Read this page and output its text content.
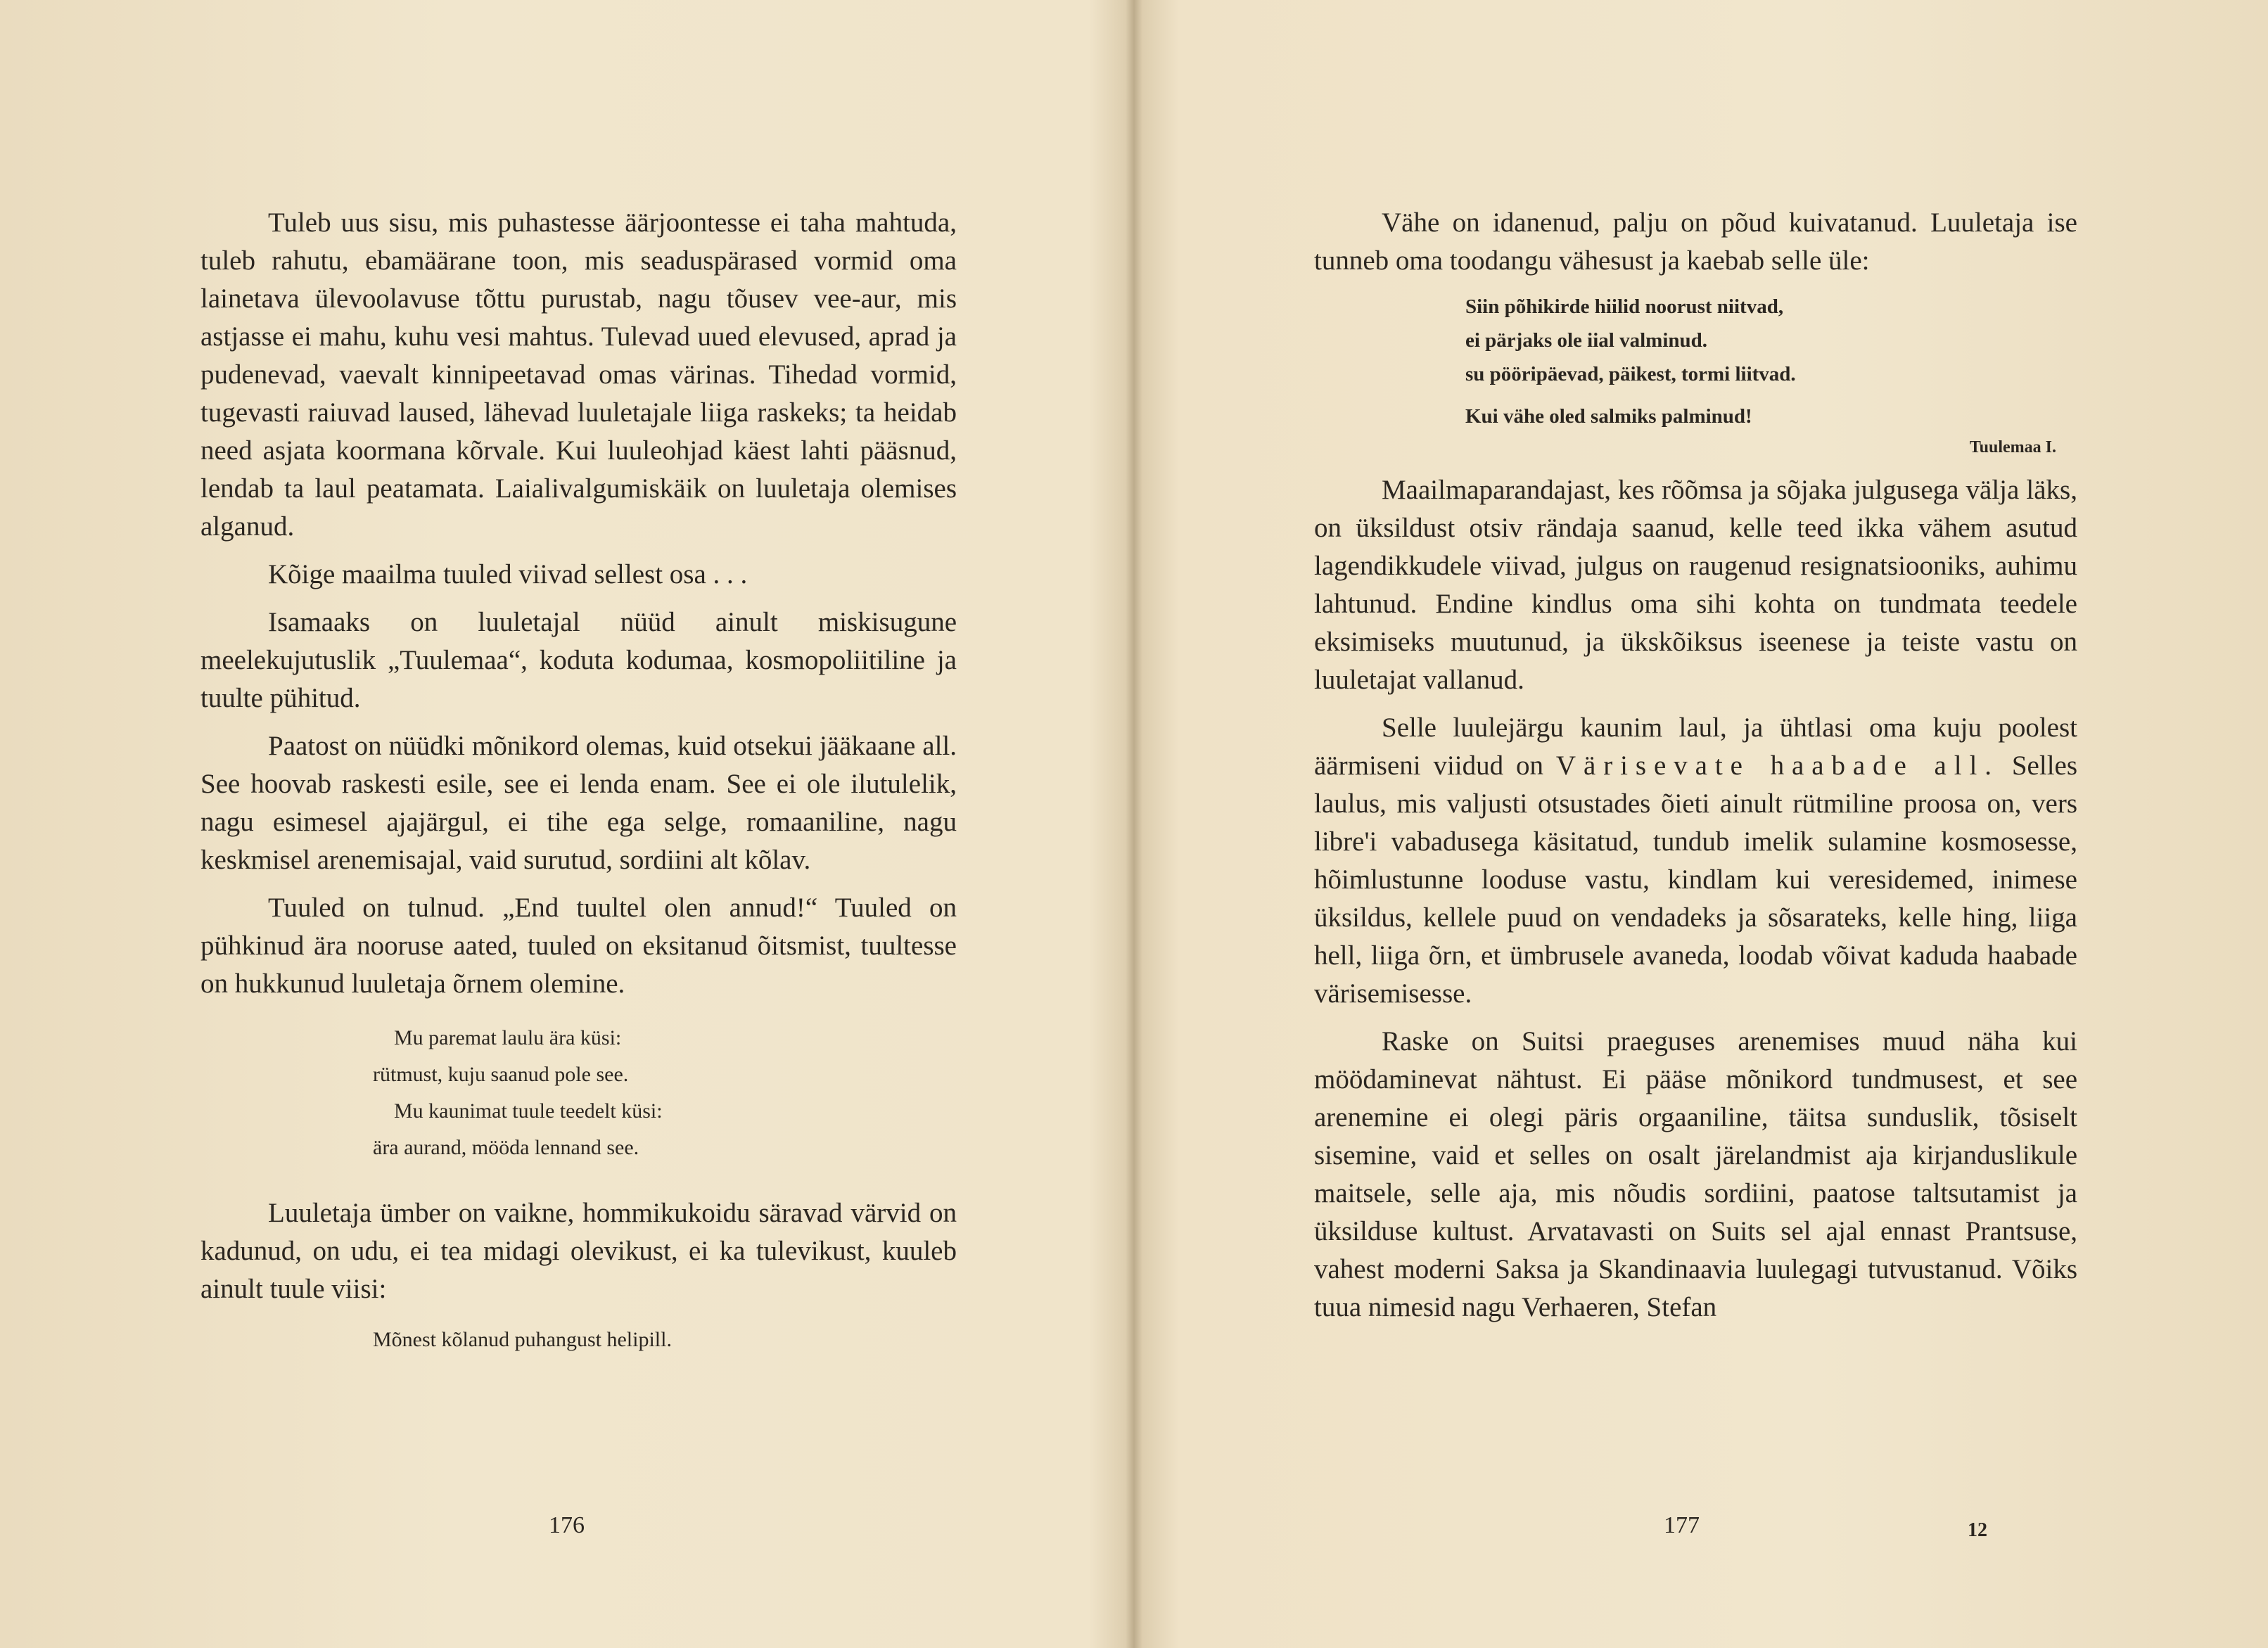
Tuleb uus sisu, mis puhastesse äärjoontesse ei taha mahtuda, tuleb rahutu, ebamäärane toon, mis seaduspärased vormid oma lainetava ülevoolavuse tõttu purustab, nagu tõusev vee-aur, mis astjasse ei mahu, kuhu vesi mahtus. Tulevad uued elevused, aprad ja pudenevad, vaevalt kinnipeetavad omas värinas. Tihedad vormid, tugevasti raiuvad laused, lähevad luuletajale liiga raskeks; ta heidab need asjata koormana kõrvale. Kui luuleohjad käest lahti pääsnud, lendab ta laul peatamata. Laialivalgumiskäik on luuletaja olemises alganud.

Kõige maailma tuuled viivad sellest osa . . .

Isamaaks on luuletajal nüüd ainult miskisugune meelekujutuslik „Tuulemaa“, koduta kodumaa, kosmopoliitiline ja tuulte pühitud.

Paatost on nüüdki mõnikord olemas, kuid otsekui jääkaane all. See hoovab raskesti esile, see ei lenda enam. See ei ole ilutulelik, nagu esimesel ajajärgul, ei tihe ega selge, romaaniline, nagu keskmisel arenemisajal, vaid surutud, sordiini alt kõlav.

Tuuled on tulnud. „End tuultel olen annud!“ Tuuled on pühkinud ära nooruse aated, tuuled on eksitanud õitsmist, tuultesse on hukkunud luuletaja õrnem olemine.

Mu paremat laulu ära küsi:
rütmust, kuju saanud pole see.
Mu kaunimat tuule teedelt küsi:
ära aurand, mööda lennand see.

Luuletaja ümber on vaikne, hommikukoidu säravad värvid on kadunud, on udu, ei tea midagi olevikust, ei ka tulevikust, kuuleb ainult tuule viisi:

Mõnest kõlanud puhangust helipill.
176

Vähe on idanenud, palju on põud kuivatanud. Luuletaja ise tunneb oma toodangu vähesust ja kaebab selle üle:

Siin põhikirde hiilid noorust niitvad,
ei pärjaks ole iial valminud.
su pööripäevad, päikest, tormi liitvad.
Kui vähe oled salmiks palminud!
Tuulemaa I.

Maailmaparandajast, kes rõõmsa ja sõjaka julgusega välja läks, on üksildust otsiv rändaja saanud, kelle teed ikka vähem asutud lagendikkudele viivad, julgus on raugenud resignatsiooniks, auhimu lahtunud. Endine kindlus oma sihi kohta on tundmata teedele eksimiseks muutunud, ja ükskõiksus iseenese ja teiste vastu on luuletajat vallanud.

Selle luulejärgu kaunim laul, ja ühtlasi oma kuju poolest äärmiseni viidud on Värisevate haabade all. Selles laulus, mis valjusti otsustades õieti ainult rütmiline proosa on, vers libre'i vabadusega käsitatud, tundub imelik sulamine kosmosesse, hõimlustunne looduse vastu, kindlam kui veresidemed, inimese üksildus, kellele puud on vendadeks ja sõsarateks, kelle hing, liiga hell, liiga õrn, et ümbrusele avaneda, loodab võivat kaduda haabade värisemisesse.

Raske on Suitsi praeguses arenemises muud näha kui möödaminevat nähtust. Ei pääse mõnikord tundmusest, et see arenemine ei olegi päris orgaaniline, täitsa sunduslik, tõsiselt sisemine, vaid et selles on osalt järelandmist aja kirjanduslikule maitsele, selle aja, mis nõudis sordiini, paatose taltsutamist ja üksilduse kultust. Arvatavasti on Suits sel ajal ennast Prantsuse, vahest moderni Saksa ja Skandinaavia luulegagi tutvustanud. Võiks tuua nimesid nagu Verhaeren, Stefan

177	12
